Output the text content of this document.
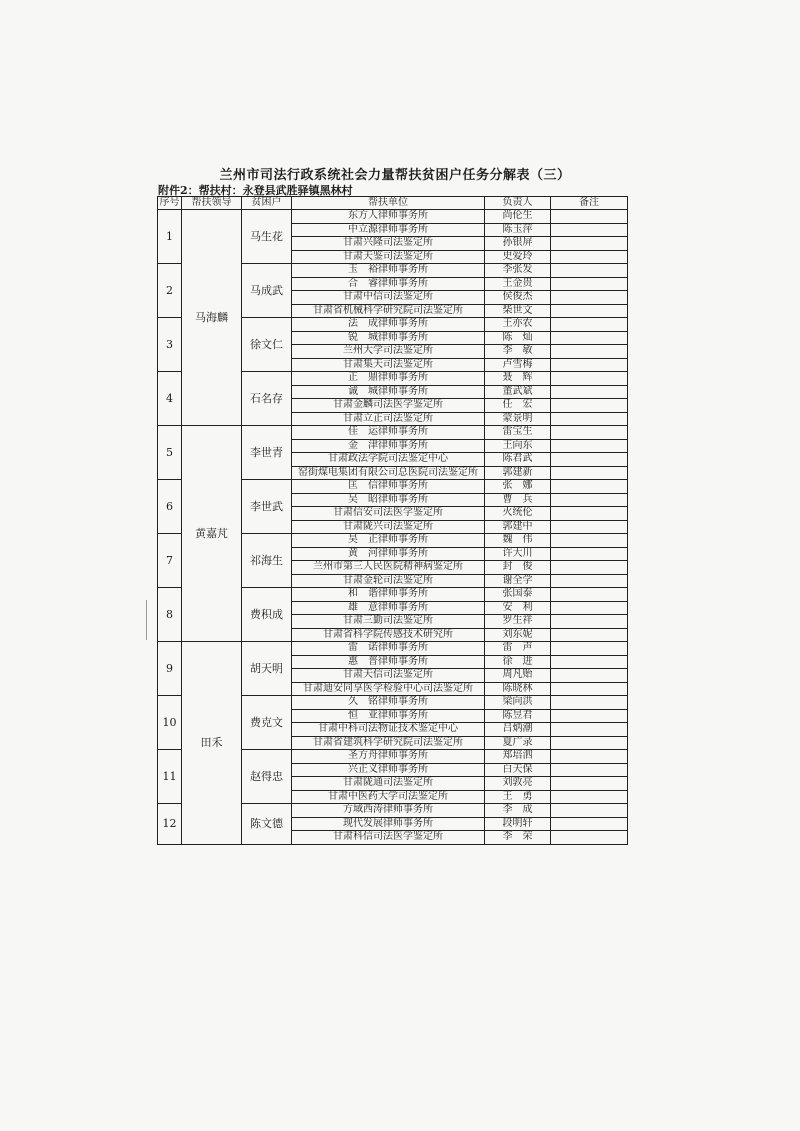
兰州市司法行政系统社会力量帮扶贫困户任务分解表（三）
附件2：帮扶村：永登县武胜驿镇黑林村
序号	帮扶领导	贫困户	帮扶单位	负责人	备注
1	马海麟	马生花	东方人律师事务所	尚伦生	
			中立源律师事务所	陈玉萍	
			甘肃兴隆司法鉴定所	孙银屏	
			甘肃天鉴司法鉴定所	史爱玲	
2		马成武	玉　裕律师事务所	李张发	
			合　睿律师事务所	王金贵	
			甘肃中信司法鉴定所	侯俊杰	
			甘肃省机械科学研究院司法鉴定所	柴世文	
3		徐文仁	法　成律师事务所	王亦农	
			锐　城律师事务所	陈　灿	
			兰州大学司法鉴定所	李　敏	
			甘肃集天司法鉴定所	卢雪梅	
4		石名存	正　鼎律师事务所	聂　辉	
			诚　城律师事务所	董武斌	
			甘肃金麟司法医学鉴定所	任　宏	
			甘肃立正司法鉴定所	蒙景明	
5	黄嘉芃	李世青	佳　运律师事务所	雷宝生	
			金　津律师事务所	王向东	
			甘肃政法学院司法鉴定中心	陈君武	
			窑街煤电集团有限公司总医院司法鉴定所	郭建新	
6		李世武	匡　信律师事务所	张　娜	
			吴　昭律师事务所	曹　兵	
			甘肃信安司法医学鉴定所	火统伦	
			甘肃陇兴司法鉴定所	郭建中	
7		祁海生	昊　正律师事务所	魏　伟	
			黄　河律师事务所	许大川	
			兰州市第三人民医院精神病鉴定所	封　俊	
			甘肃金轮司法鉴定所	谢全学	
8		费积成	和　谐律师事务所	张国泰	
			雄　意律师事务所	安　利	
			甘肃三勤司法鉴定所	罗生祥	
			甘肃省科学院传感技术研究所	刘东妮	
9	田禾	胡天明	雷　诺律师事务所	雷　声	
			惠　普律师事务所	徐　进	
			甘肃天信司法鉴定所	周凡贻	
			甘肃迪安同享医学检验中心司法鉴定所	陈晓林	
10		费克文	久　铭律师事务所	梁向洪	
			恒　亚律师事务所	陈昱君	
			甘肃中科司法物证技术鉴定中心	吕炳潮	
			甘肃省建筑科学研究院司法鉴定所	夏广录	
11		赵得忠	圣方舟律师事务所	郑培泗	
			兴正义律师事务所	白天保	
			甘肃陇通司法鉴定所	刘敦亮	
			甘肃中医药大学司法鉴定所	王　勇	
12		陈文德	方域西涛律师事务所	李　成	
			现代发展律师事务所	段明轩	
			甘肃科信司法医学鉴定所	李　荣	
